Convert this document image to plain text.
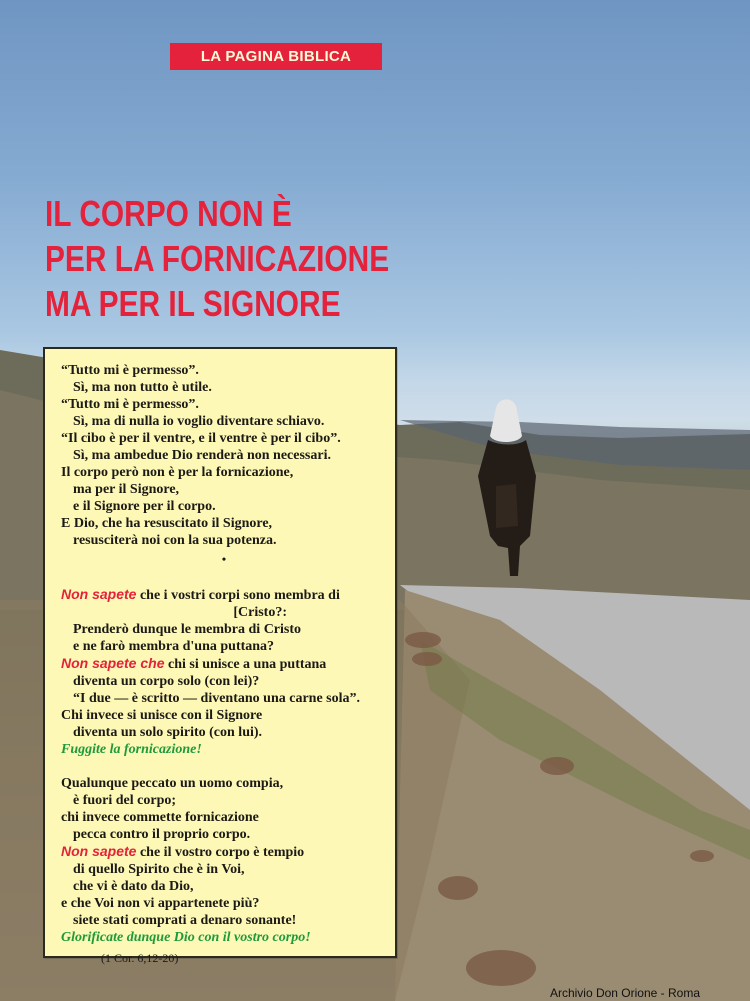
LA PAGINA BIBLICA
IL CORPO NON È
PER LA FORNICAZIONE
MA PER IL SIGNORE
“Tutto mi è permesso”.
Sì, ma non tutto è utile.
“Tutto mi è permesso”.
Sì, ma di nulla io voglio diventare schiavo.
“Il cibo è per il ventre, e il ventre è per il cibo”.
Sì, ma ambedue Dio renderà non necessari.
Il corpo però non è per la fornicazione,
ma per il Signore,
e il Signore per il corpo.
E Dio, che ha resuscitato il Signore,
resusciterà noi con la sua potenza.
•
Non sapete che i vostri corpi sono membra di
[Cristo?:
Prenderò dunque le membra di Cristo
e ne farò membra d'una puttana?
Non sapete che chi si unisce a una puttana
diventa un corpo solo (con lei)?
“I due — è scritto — diventano una carne sola”.
Chi invece si unisce con il Signore
diventa un solo spirito (con lui).
Fuggite la fornicazione!
Qualunque peccato un uomo compia,
è fuori del corpo;
chi invece commette fornicazione
pecca contro il proprio corpo.
Non sapete che il vostro corpo è tempio
di quello Spirito che è in Voi,
che vi è dato da Dio,
e che Voi non vi appartenete più?
siete stati comprati a denaro sonante!
Glorificate dunque Dio con il vostro corpo!
(1 Cor. 6,12-20)
Archivio Don Orione - Roma
